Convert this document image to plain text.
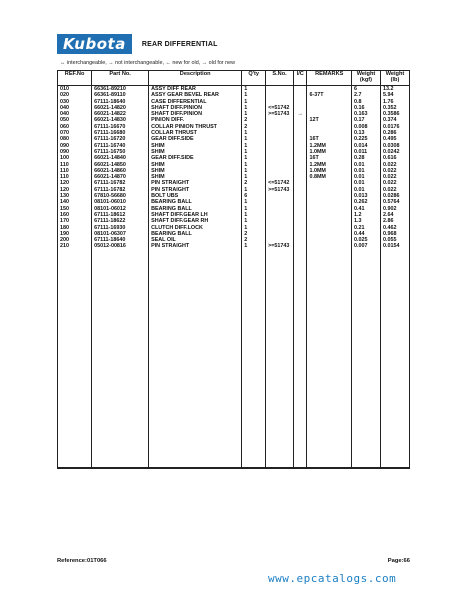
Kubota	REAR DIFFERENTIAL
↔ interchangeable, → not interchangeable, ← new for old, → old for new
REF.No	Part No.	Description	Q'ty	S.No.	I/C	REMARKS	Weight (kgf)	Weight (lb)
010	66361-89210	ASSY DIFF REAR	1				6	13.2
020	66361-89110	ASSY GEAR BEVEL REAR	1			6-37T	2.7	5.94
030	67111-18640	CASE DIFFERENTIAL	1				0.8	1.76
040	66021-14820	SHAFT DIFF.PINION	1	<=51742			0.16	0.352
040	66021-14822	SHAFT DIFF.PINION	1	>=51743	→		0.163	0.3586
050	66021-14830	PINION DIFF.	2			12T	0.17	0.374
060	67111-16670	COLLAR PINION THRUST	2				0.008	0.0176
070	67111-16680	COLLAR THRUST	1				0.13	0.286
080	67111-16720	GEAR DIFF.SIDE	1			16T	0.225	0.495
090	67111-16740	SHIM	1			1.2MM	0.014	0.0308
090	67111-16750	SHIM	1			1.0MM	0.011	0.0242
100	66021-14840	GEAR DIFF.SIDE	1			16T	0.28	0.616
110	66021-14850	SHIM	1			1.2MM	0.01	0.022
110	66021-14860	SHIM	1			1.0MM	0.01	0.022
110	66021-14870	SHIM	1			0.8MM	0.01	0.022
120	67111-16782	PIN STRAIGHT	2	<=51742			0.01	0.022
120	67111-16782	PIN STRAIGHT	1	>=51743			0.01	0.022
130	67810-56680	BOLT UBS	6				0.013	0.0286
140	08101-06010	BEARING BALL	1				0.262	0.5764
150	08101-06012	BEARING BALL	1				0.41	0.902
160	67111-18612	SHAFT DIFF.GEAR LH	1				1.2	2.64
170	67111-18622	SHAFT DIFF.GEAR RH	1				1.3	2.86
180	67111-16930	CLUTCH DIFF.LOCK	1				0.21	0.462
190	08101-06307	BEARING BALL	2				0.44	0.968
200	67111-18640	SEAL OIL	2				0.025	0.055
210	05012-00816	PIN STRAIGHT	1	>=51743			0.007	0.0154

Reference:01T066	Page:66
www.epcatalogs.com
